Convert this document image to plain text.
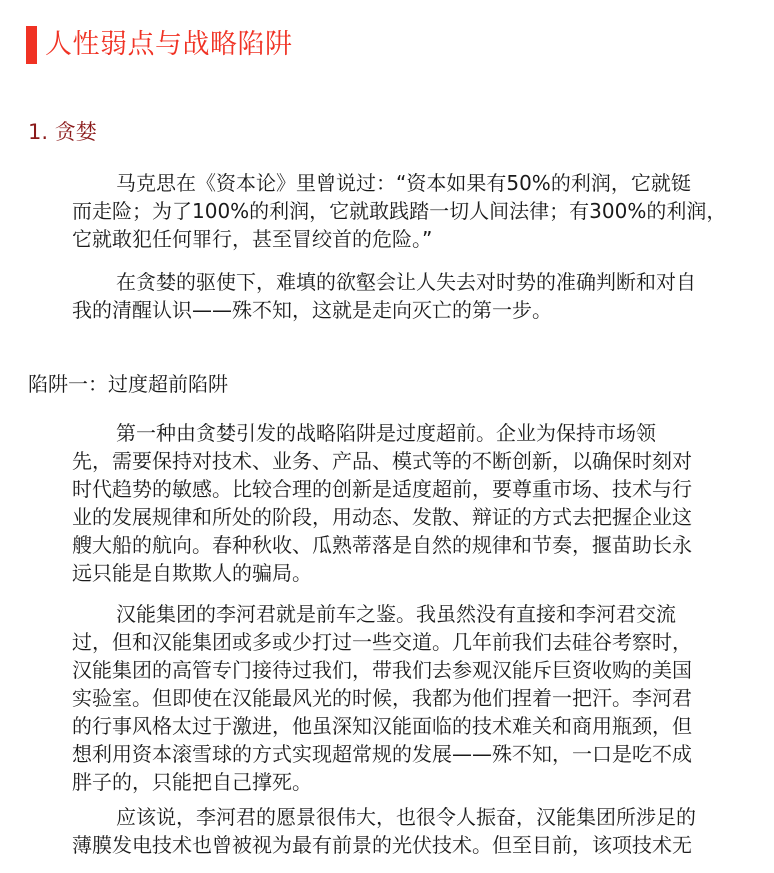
人性弱点与战略陷阱
1. 贪婪
马克思在《资本论》里曾说过：“资本如果有50%的利润，它就铤
而走险；为了100%的利润，它就敢践踏一切人间法律；有300%的利润，
它就敢犯任何罪行，甚至冒绞首的危险。”
在贪婪的驱使下，难填的欲壑会让人失去对时势的准确判断和对自
我的清醒认识——殊不知，这就是走向灭亡的第一步。
陷阱一：过度超前陷阱
第一种由贪婪引发的战略陷阱是过度超前。企业为保持市场领
先，需要保持对技术、业务、产品、模式等的不断创新，以确保时刻对
时代趋势的敏感。比较合理的创新是适度超前，要尊重市场、技术与行
业的发展规律和所处的阶段，用动态、发散、辩证的方式去把握企业这
艘大船的航向。春种秋收、瓜熟蒂落是自然的规律和节奏，揠苗助长永
远只能是自欺欺人的骗局。
汉能集团的李河君就是前车之鉴。我虽然没有直接和李河君交流
过，但和汉能集团或多或少打过一些交道。几年前我们去硅谷考察时，
汉能集团的高管专门接待过我们，带我们去参观汉能斥巨资收购的美国
实验室。但即使在汉能最风光的时候，我都为他们捏着一把汗。李河君
的行事风格太过于激进，他虽深知汉能面临的技术难关和商用瓶颈，但
想利用资本滚雪球的方式实现超常规的发展——殊不知，一口是吃不成
胖子的，只能把自己撑死。
应该说，李河君的愿景很伟大，也很令人振奋，汉能集团所涉足的
薄膜发电技术也曾被视为最有前景的光伏技术。但至目前，该项技术无
